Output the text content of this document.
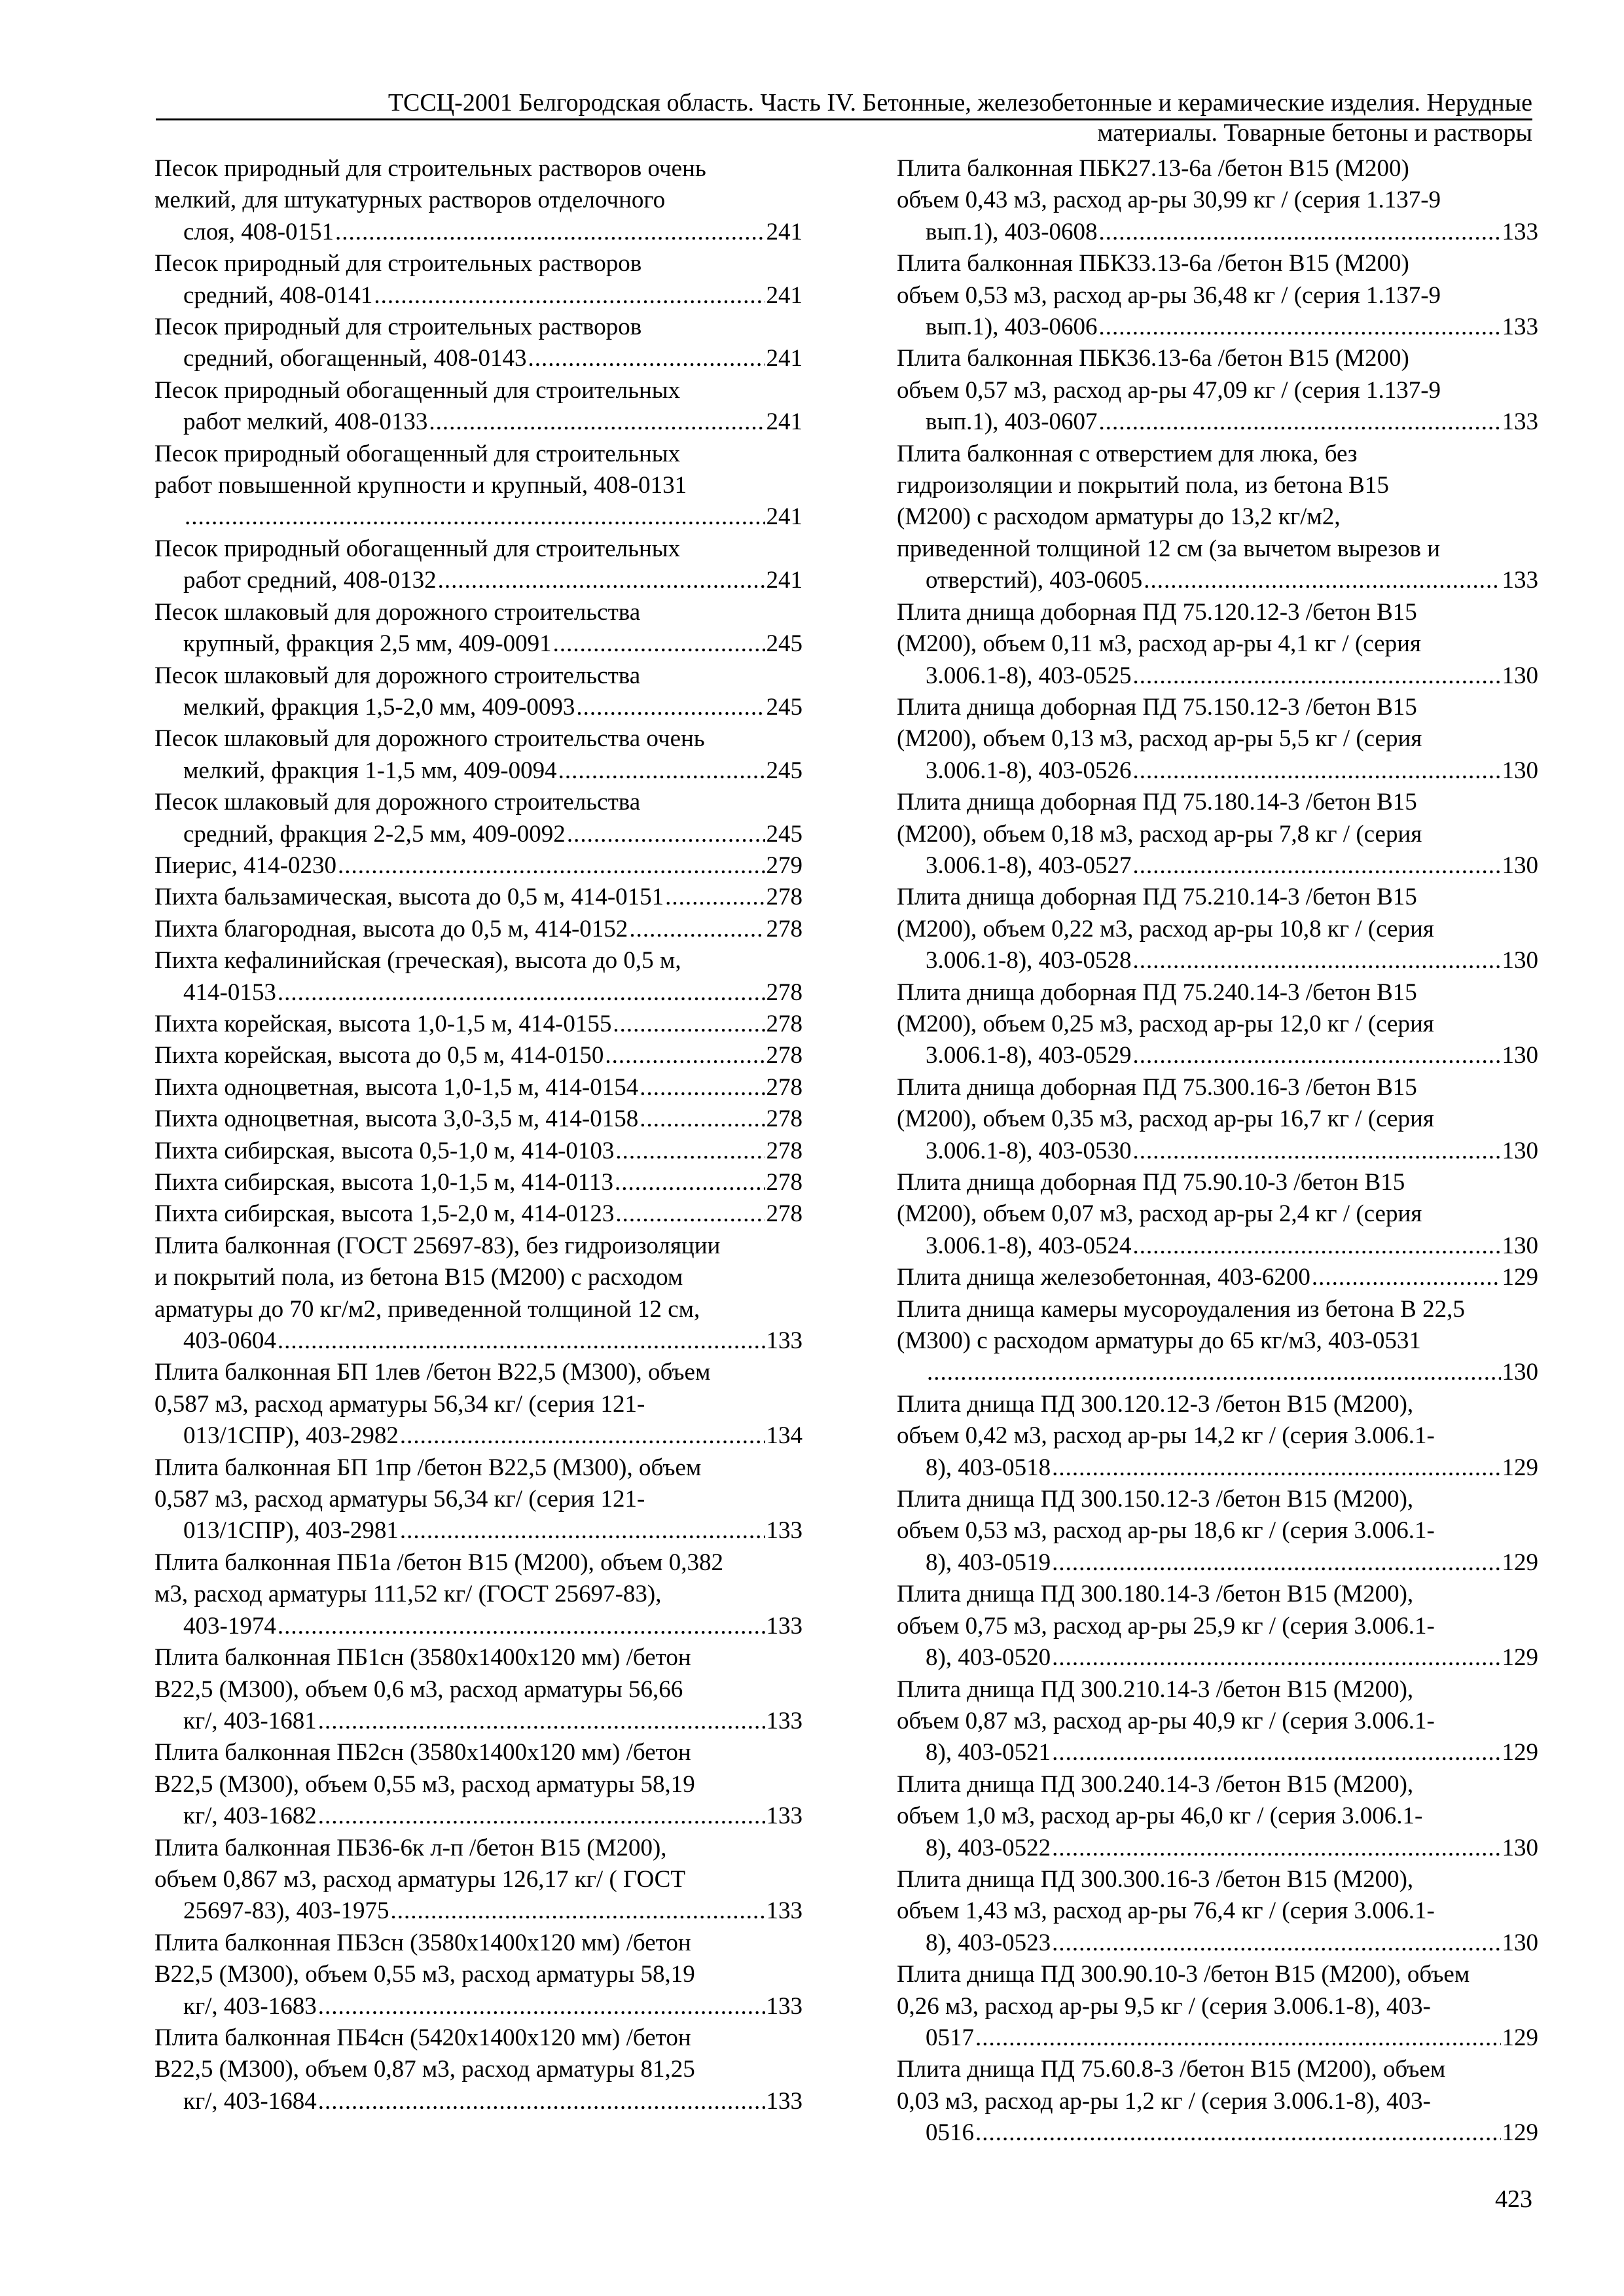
ТССЦ-2001 Белгородская область. Часть IV. Бетонные, железобетонные и керамические изделия. Нерудные
материалы. Товарные бетоны и растворы
Песок природный для строительных растворов очень
мелкий, для штукатурных растворов отделочного
слоя, 408-0151 .....	241
Песок природный для строительных растворов
средний, 408-0141 .....	241
Песок природный для строительных растворов
средний, обогащенный, 408-0143 .....	241
Песок природный обогащенный для строительных
работ мелкий, 408-0133 .....	241
Песок природный обогащенный для строительных
работ повышенной крупности и крупный, 408-0131
.....
241
Песок природный обогащенный для строительных
работ средний, 408-0132 .....	241
Песок шлаковый для дорожного строительства
крупный, фракция 2,5 мм, 409-0091 .....	245
Песок шлаковый для дорожного строительства
мелкий, фракция 1,5-2,0 мм, 409-0093 .....	245
Песок шлаковый для дорожного строительства очень
мелкий, фракция 1-1,5 мм, 409-0094 .....	245
Песок шлаковый для дорожного строительства
средний, фракция 2-2,5 мм, 409-0092 .....	245
Пиерис, 414-0230 .....	279
Пихта бальзамическая, высота до 0,5 м, 414-0151 .....	278
Пихта благородная, высота до 0,5 м, 414-0152 .....	278
Пихта кефалинийская (греческая), высота до 0,5 м,
414-0153 .....	278
Пихта корейская, высота 1,0-1,5 м, 414-0155 .....	278
Пихта корейская, высота до 0,5 м, 414-0150 .....	278
Пихта одноцветная, высота 1,0-1,5 м, 414-0154 .....	278
Пихта одноцветная, высота 3,0-3,5 м, 414-0158 .....	278
Пихта сибирская, высота 0,5-1,0 м, 414-0103 .....	278
Пихта сибирская, высота 1,0-1,5 м, 414-0113 .....	278
Пихта сибирская, высота 1,5-2,0 м, 414-0123 .....	278
Плита балконная (ГОСТ 25697-83), без гидроизоляции
и покрытий пола, из бетона В15 (М200) с расходом
арматуры до 70 кг/м2, приведенной толщиной 12 см,
403-0604 .....	133
Плита балконная БП 1лев /бетон В22,5 (М300), объем
0,587 м3, расход арматуры 56,34 кг/ (серия 121-
013/1СПР), 403-2982 .....	134
Плита балконная БП 1пр /бетон В22,5 (М300), объем
0,587 м3, расход арматуры 56,34 кг/ (серия 121-
013/1СПР), 403-2981 .....	133
Плита балконная ПБ1а /бетон В15 (М200), объем 0,382
м3, расход арматуры 111,52 кг/ (ГОСТ 25697-83),
403-1974 .....	133
Плита балконная ПБ1сн (3580х1400х120 мм) /бетон
В22,5 (М300), объем 0,6 м3, расход арматуры 56,66
кг/, 403-1681 .....	133
Плита балконная ПБ2сн (3580х1400х120 мм) /бетон
В22,5 (М300), объем 0,55 м3, расход арматуры 58,19
кг/, 403-1682 .....	133
Плита балконная ПБ36-6к л-п /бетон В15 (М200),
объем 0,867 м3, расход арматуры 126,17 кг/ ( ГОСТ
25697-83), 403-1975 .....	133
Плита балконная ПБ3сн (3580х1400х120 мм) /бетон
В22,5 (М300), объем 0,55 м3, расход арматуры 58,19
кг/, 403-1683 .....	133
Плита балконная ПБ4сн (5420х1400х120 мм) /бетон
В22,5 (М300), объем 0,87 м3, расход арматуры 81,25
кг/, 403-1684 .....	133
Плита балконная ПБК27.13-6а /бетон В15 (М200)
объем 0,43 м3, расход ар-ры 30,99 кг / (серия 1.137-9
вып.1), 403-0608 .....	133
Плита балконная ПБК33.13-6а /бетон В15 (М200)
объем 0,53 м3, расход ар-ры 36,48 кг / (серия 1.137-9
вып.1), 403-0606 .....	133
Плита балконная ПБК36.13-6а /бетон В15 (М200)
объем 0,57 м3, расход ар-ры 47,09 кг / (серия 1.137-9
вып.1), 403-0607 .....	133
Плита балконная с отверстием для люка, без
гидроизоляции и покрытий пола, из бетона В15
(М200) с расходом арматуры до 13,2 кг/м2,
приведенной толщиной 12 см (за вычетом вырезов и
отверстий), 403-0605 .....	133
Плита днища доборная ПД 75.120.12-3 /бетон В15
(М200), объем 0,11 м3, расход ар-ры 4,1 кг / (серия
3.006.1-8), 403-0525 .....	130
Плита днища доборная ПД 75.150.12-3 /бетон В15
(М200), объем 0,13 м3, расход ар-ры 5,5 кг / (серия
3.006.1-8), 403-0526 .....	130
Плита днища доборная ПД 75.180.14-3 /бетон В15
(М200), объем 0,18 м3, расход ар-ры 7,8 кг / (серия
3.006.1-8), 403-0527 .....	130
Плита днища доборная ПД 75.210.14-3 /бетон В15
(М200), объем 0,22 м3, расход ар-ры 10,8 кг / (серия
3.006.1-8), 403-0528 .....	130
Плита днища доборная ПД 75.240.14-3 /бетон В15
(М200), объем 0,25 м3, расход ар-ры 12,0 кг / (серия
3.006.1-8), 403-0529 .....	130
Плита днища доборная ПД 75.300.16-3 /бетон В15
(М200), объем 0,35 м3, расход ар-ры 16,7 кг / (серия
3.006.1-8), 403-0530 .....	130
Плита днища доборная ПД 75.90.10-3 /бетон В15
(М200), объем 0,07 м3, расход ар-ры 2,4 кг / (серия
3.006.1-8), 403-0524 .....	130
Плита днища железобетонная, 403-6200 .....	129
Плита днища камеры мусороудаления из бетона В 22,5
(М300) с расходом арматуры до 65 кг/м3, 403-0531
.....
130
Плита днища ПД 300.120.12-3 /бетон В15 (М200),
объем 0,42 м3, расход ар-ры 14,2 кг / (серия 3.006.1-
8), 403-0518 .....	129
Плита днища ПД 300.150.12-3 /бетон В15 (М200),
объем 0,53 м3, расход ар-ры 18,6 кг / (серия 3.006.1-
8), 403-0519 .....	129
Плита днища ПД 300.180.14-3 /бетон В15 (М200),
объем 0,75 м3, расход ар-ры 25,9 кг / (серия 3.006.1-
8), 403-0520 .....	129
Плита днища ПД 300.210.14-3 /бетон В15 (М200),
объем 0,87 м3, расход ар-ры 40,9 кг / (серия 3.006.1-
8), 403-0521 .....	129
Плита днища ПД 300.240.14-3 /бетон В15 (М200),
объем 1,0 м3, расход ар-ры 46,0 кг / (серия 3.006.1-
8), 403-0522 .....	130
Плита днища ПД 300.300.16-3 /бетон В15 (М200),
объем 1,43 м3, расход ар-ры 76,4 кг / (серия 3.006.1-
8), 403-0523 .....	130
Плита днища ПД 300.90.10-3 /бетон В15 (М200), объем
0,26 м3, расход ар-ры 9,5 кг / (серия 3.006.1-8), 403-
0517 .....	129
Плита днища ПД 75.60.8-3 /бетон В15 (М200), объем
0,03 м3, расход ар-ры 1,2 кг / (серия 3.006.1-8), 403-
0516 .....	129
423
